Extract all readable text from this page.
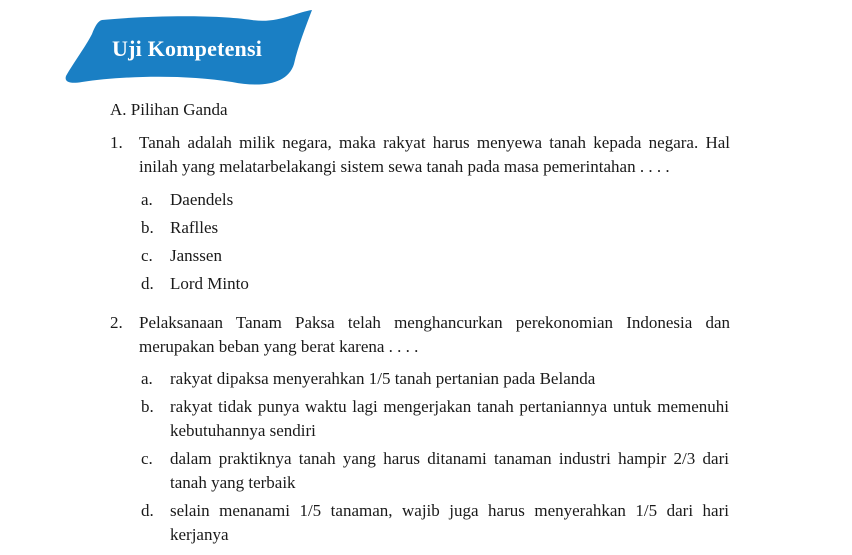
Uji Kompetensi
A. Pilihan Ganda
1. Tanah adalah milik negara, maka rakyat harus menyewa tanah kepada negara. Hal inilah yang melatarbelakangi sistem sewa tanah pada masa pemerintahan . . . .
a. Daendels
b. Raflles
c. Janssen
d. Lord Minto
2. Pelaksanaan Tanam Paksa telah menghancurkan perekonomian Indonesia dan merupakan beban yang berat karena . . . .
a. rakyat dipaksa menyerahkan 1/5 tanah pertanian pada Belanda
b. rakyat tidak punya waktu lagi mengerjakan tanah pertaniannya untuk memenuhi kebutuhannya sendiri
c. dalam praktiknya tanah yang harus ditanami tanaman industri hampir 2/3 dari tanah yang terbaik
d. selain menanami 1/5 tanaman, wajib juga harus menyerahkan 1/5 dari hari kerjanya
